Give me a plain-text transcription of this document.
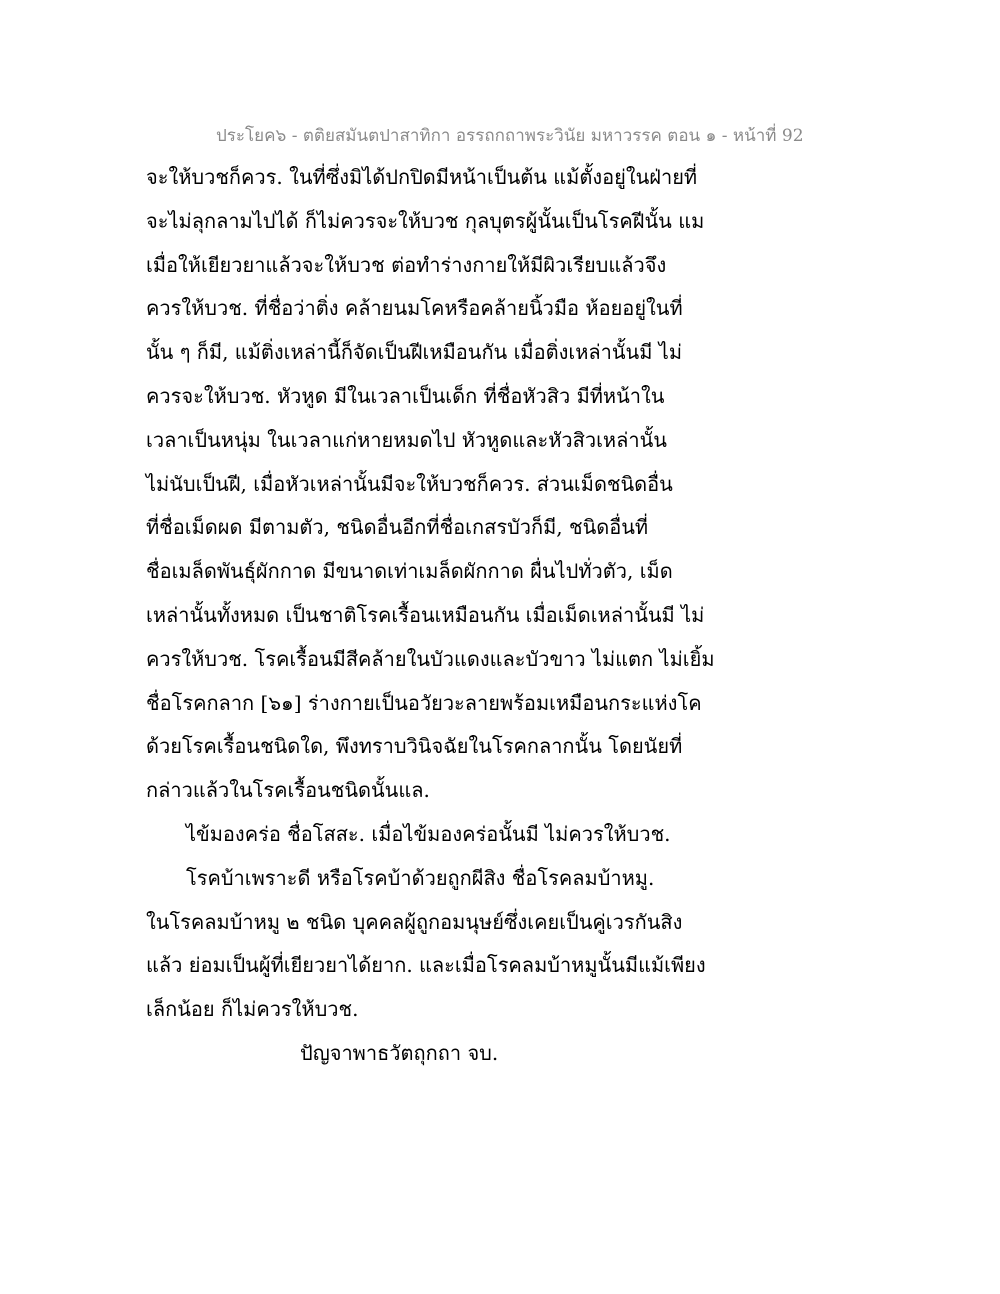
ประโยค๖ - ตติยสมันตปาสาทิกา อรรถกถาพระวินัย มหาวรรค ตอน ๑ - หน้าที่ 92
จะให้บวชก็ควร. ในที่ซึ่งมิได้ปกปิดมีหน้าเป็นต้น แม้ตั้งอยู่ในฝ่ายที่
จะไม่ลุกลามไปได้ ก็ไม่ควรจะให้บวช กุลบุตรผู้นั้นเป็นโรคฝีนั้น แม
เมื่อให้เยียวยาแล้วจะให้บวช ต่อทำร่างกายให้มีผิวเรียบแล้วจึง
ควรให้บวช. ที่ชื่อว่าติ่ง คล้ายนมโคหรือคล้ายนิ้วมือ ห้อยอยู่ในที่
นั้น ๆ ก็มี, แม้ติ่งเหล่านี้ก็จัดเป็นฝีเหมือนกัน เมื่อติ่งเหล่านั้นมี ไม่
ควรจะให้บวช. หัวหูด มีในเวลาเป็นเด็ก ที่ชื่อหัวสิว มีที่หน้าใน
เวลาเป็นหนุ่ม ในเวลาแก่หายหมดไป หัวหูดและหัวสิวเหล่านั้น
ไม่นับเป็นฝี, เมื่อหัวเหล่านั้นมีจะให้บวชก็ควร. ส่วนเม็ดชนิดอื่น
ที่ชื่อเม็ดผด มีตามตัว, ชนิดอื่นอีกที่ชื่อเกสรบัวก็มี, ชนิดอื่นที่
ชื่อเมล็ดพันธุ์ผักกาด มีขนาดเท่าเมล็ดผักกาด ผื่นไปทั่วตัว, เม็ด
เหล่านั้นทั้งหมด เป็นชาติโรคเรื้อนเหมือนกัน เมื่อเม็ดเหล่านั้นมี ไม่
ควรให้บวช. โรคเรื้อนมีสีคล้ายในบัวแดงและบัวขาว ไม่แตก ไม่เยิ้ม
ชื่อโรคกลาก [๖๑] ร่างกายเป็นอวัยวะลายพร้อมเหมือนกระแห่งโค
ด้วยโรคเรื้อนชนิดใด, พึงทราบวินิจฉัยในโรคกลากนั้น โดยนัยที่
กล่าวแล้วในโรคเรื้อนชนิดนั้นแล.
ไข้มองคร่อ ชื่อโสสะ. เมื่อไข้มองคร่อนั้นมี ไม่ควรให้บวช.
โรคบ้าเพราะดี หรือโรคบ้าด้วยถูกผีสิง ชื่อโรคลมบ้าหมู.
ในโรคลมบ้าหมู ๒ ชนิด บุคคลผู้ถูกอมนุษย์ซึ่งเคยเป็นคู่เวรกันสิง
แล้ว ย่อมเป็นผู้ที่เยียวยาได้ยาก. และเมื่อโรคลมบ้าหมูนั้นมีแม้เพียง
เล็กน้อย ก็ไม่ควรให้บวช.
ปัญจาพาธวัตถุกถา จบ.
